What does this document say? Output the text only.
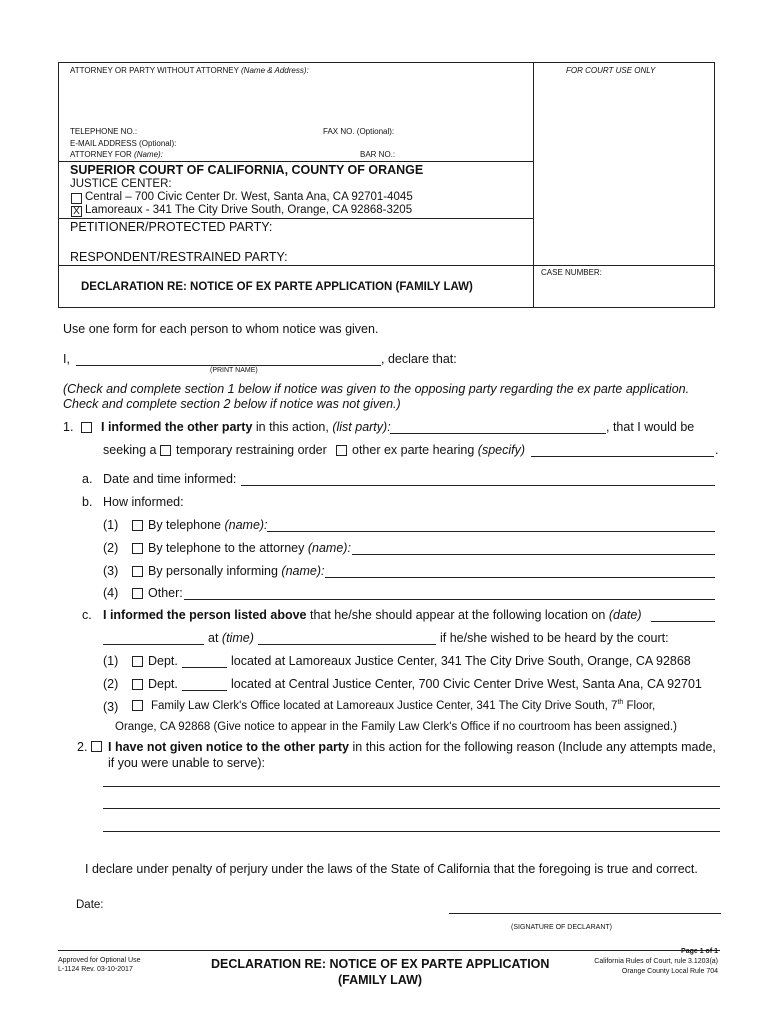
ATTORNEY OR PARTY WITHOUT ATTORNEY (Name & Address):	FOR COURT USE ONLY
TELEPHONE NO.:	FAX NO. (Optional):
E-MAIL ADDRESS (Optional):
ATTORNEY FOR (Name):	BAR NO.:
SUPERIOR COURT OF CALIFORNIA, COUNTY OF ORANGE
JUSTICE CENTER:
Central – 700 Civic Center Dr. West, Santa Ana, CA 92701-4045
X Lamoreaux - 341 The City Drive South, Orange, CA 92868-3205
PETITIONER/PROTECTED PARTY:
RESPONDENT/RESTRAINED PARTY:
CASE NUMBER:
DECLARATION RE: NOTICE OF EX PARTE APPLICATION (FAMILY LAW)
Use one form for each person to whom notice was given.
I,	, declare that:
(PRINT NAME)
(Check and complete section 1 below if notice was given to the opposing party regarding the ex parte application.
Check and complete section 2 below if notice was not given.)
1. I informed the other party in this action, (list party):	, that I would be
seeking a temporary restraining order other ex parte hearing (specify)	.
a. Date and time informed:
b. How informed:
(1) By telephone (name):
(2) By telephone to the attorney (name):
(3) By personally informing (name):
(4) Other:
c. I informed the person listed above that he/she should appear at the following location on (date)
at (time)	if he/she wished to be heard by the court:
(1) Dept.	located at Lamoreaux Justice Center, 341 The City Drive South, Orange, CA 92868
(2) Dept.	located at Central Justice Center, 700 Civic Center Drive West, Santa Ana, CA 92701
(3)	Family Law Clerk's Office located at Lamoreaux Justice Center, 341 The City Drive South, 7th Floor,
Orange, CA 92868 (Give notice to appear in the Family Law Clerk's Office if no courtroom has been assigned.)
2. I have not given notice to the other party in this action for the following reason (Include any attempts made,
if you were unable to serve):
I declare under penalty of perjury under the laws of the State of California that the foregoing is true and correct.
Date:
(SIGNATURE OF DECLARANT)
Approved for Optional Use
L-1124 Rev. 03-10-2017	DECLARATION RE: NOTICE OF EX PARTE APPLICATION
(FAMILY LAW)
Page 1 of 1
California Rules of Court, rule 3.1203(a)
Orange County Local Rule 704
